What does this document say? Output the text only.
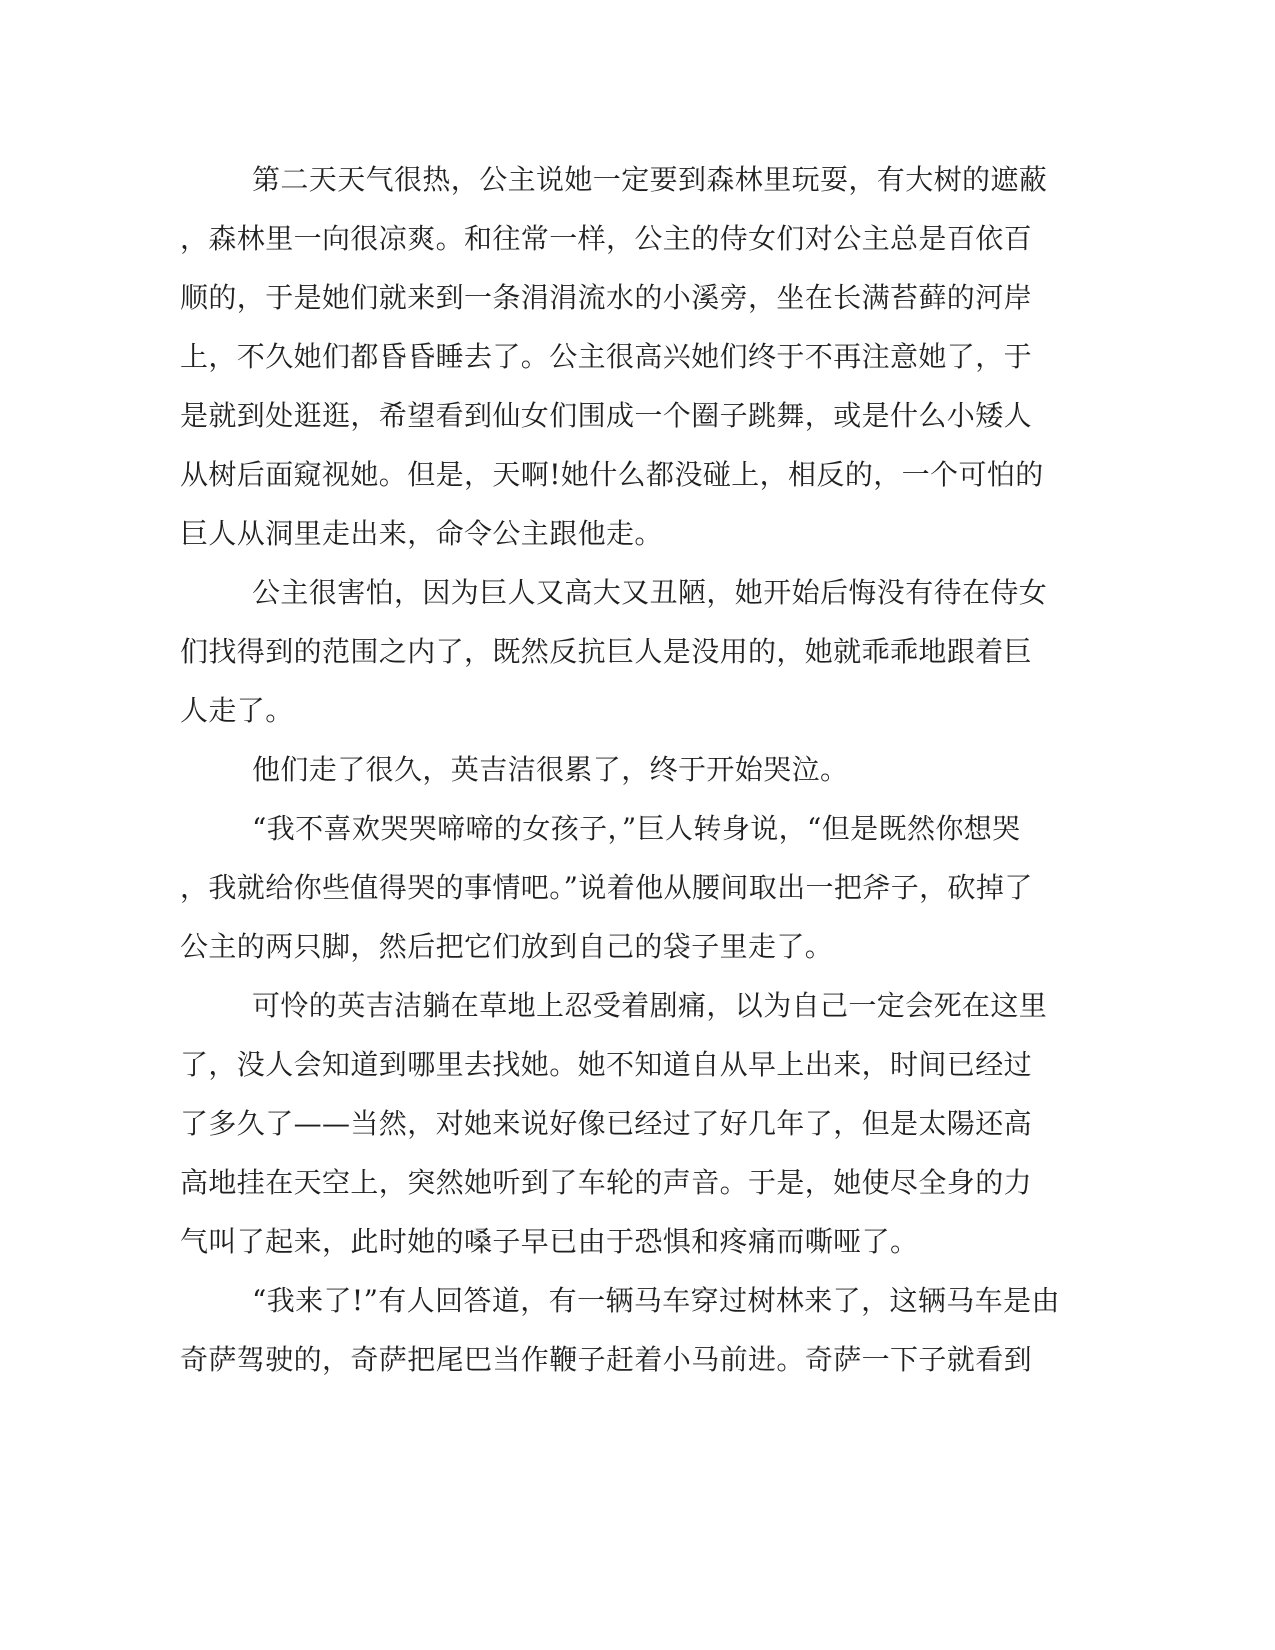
第二天天气很热，公主说她一定要到森林里玩耍，有大树的遮蔽
，森林里一向很凉爽。和往常一样，公主的侍女们对公主总是百依百
顺的，于是她们就来到一条涓涓流水的小溪旁，坐在长满苔藓的河岸
上，不久她们都昏昏睡去了。公主很高兴她们终于不再注意她了，于
是就到处逛逛，希望看到仙女们围成一个圈子跳舞，或是什么小矮人
从树后面窥视她。但是，天啊!她什么都没碰上，相反的，一个可怕的
巨人从洞里走出来，命令公主跟他走。
公主很害怕，因为巨人又高大又丑陋，她开始后悔没有待在侍女
们找得到的范围之内了，既然反抗巨人是没用的，她就乖乖地跟着巨
人走了。
他们走了很久，英吉洁很累了，终于开始哭泣。
“我不喜欢哭哭啼啼的女孩子，”巨人转身说，“但是既然你想哭
，我就给你些值得哭的事情吧。”说着他从腰间取出一把斧子，砍掉了
公主的两只脚，然后把它们放到自己的袋子里走了。
可怜的英吉洁躺在草地上忍受着剧痛，以为自己一定会死在这里
了，没人会知道到哪里去找她。她不知道自从早上出来，时间已经过
了多久了——当然，对她来说好像已经过了好几年了，但是太陽还高
高地挂在天空上，突然她听到了车轮的声音。于是，她使尽全身的力
气叫了起来，此时她的嗓子早已由于恐惧和疼痛而嘶哑了。
“我来了!”有人回答道，有一辆马车穿过树林来了，这辆马车是由
奇萨驾驶的，奇萨把尾巴当作鞭子赶着小马前进。奇萨一下子就看到
